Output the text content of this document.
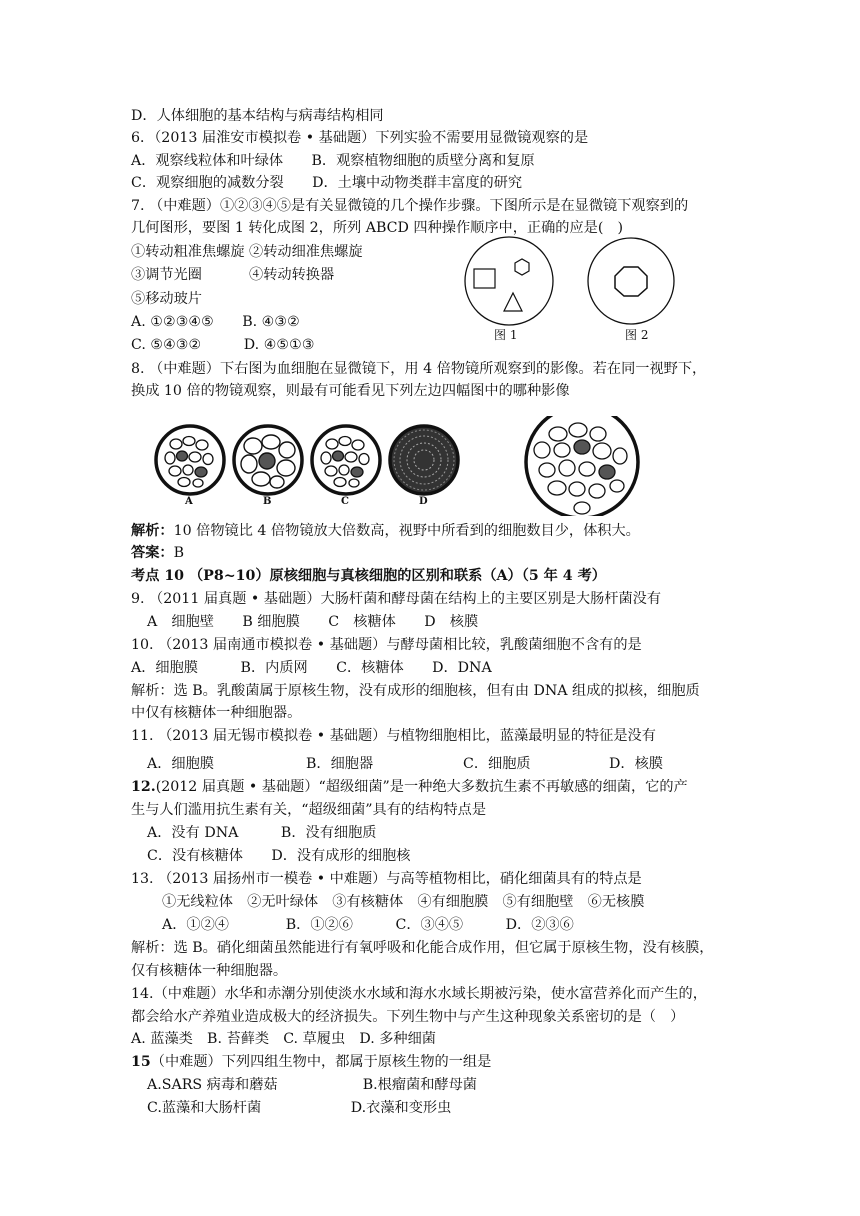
D．人体细胞的基本结构与病毒结构相同
6．（2013 届淮安市模拟卷 • 基础题）下列实验不需要用显微镜观察的是
A．观察线粒体和叶绿体　　B．观察植物细胞的质壁分离和复原
C．观察细胞的减数分裂　　D．土壤中动物类群丰富度的研究
7. （中难题）①②③④⑤是有关显微镜的几个操作步骤。下图所示是在显微镜下观察到的
几何图形，要图 1 转化成图 2，所列 ABCD 四种操作顺序中，正确的应是(　)
①转动粗准焦螺旋 ②转动细准焦螺旋
③调节光圈　　　 ④转动转换器
⑤移动玻片
A. ①②③④⑤　　B. ④③②
C. ⑤④③②　　　D. ④⑤①③
图 1	图 2
8. （中难题）下右图为血细胞在显微镜下，用 4 倍物镜所观察到的影像。若在同一视野下，
换成 10 倍的物镜观察，则最有可能看见下列左边四幅图中的哪种影像
A	B	C	D
解析：10 倍物镜比 4 倍物镜放大倍数高，视野中所看到的细胞数目少，体积大。
答案：B
考点 10 （P8~10）原核细胞与真核细胞的区别和联系（A）（5 年 4 考）
9. （2011 届真题 • 基础题）大肠杆菌和酵母菌在结构上的主要区别是大肠杆菌没有
A　细胞壁　　B 细胞膜　　C　核糖体　　D　核膜
10. （2013 届南通市模拟卷 • 基础题）与酵母菌相比较，乳酸菌细胞不含有的是
A．细胞膜　　　B．内质网　　C．核糖体　　D．DNA
解析：选 B。乳酸菌属于原核生物，没有成形的细胞核，但有由 DNA 组成的拟核，细胞质
中仅有核糖体一种细胞器。
11. （2013 届无锡市模拟卷 • 基础题）与植物细胞相比，蓝藻最明显的特征是没有
A．细胞膜	B．细胞器	C．细胞质	D．核膜
12.(2012 届真题 • 基础题）“超级细菌”是一种绝大多数抗生素不再敏感的细菌，它的产
生与人们滥用抗生素有关，“超级细菌”具有的结构特点是
A．没有 DNA　　　B．没有细胞质
C．没有核糖体　　D．没有成形的细胞核
13. （2013 届扬州市一模卷 • 中难题）与高等植物相比，硝化细菌具有的特点是
①无线粒体　②无叶绿体　③有核糖体　④有细胞膜　⑤有细胞壁　⑥无核膜
A．①②④　　　　B．①②⑥　　　C．③④⑤　　　D．②③⑥
解析：选 B。硝化细菌虽然能进行有氧呼吸和化能合成作用，但它属于原核生物，没有核膜，
仅有核糖体一种细胞器。
14.（中难题）水华和赤潮分别使淡水水域和海水水域长期被污染，使水富营养化而产生的，
都会给水产养殖业造成极大的经济损失。下列生物中与产生这种现象关系密切的是（　）
A. 蓝藻类　B. 苔藓类　C. 草履虫　D. 多种细菌
15（中难题）下列四组生物中，都属于原核生物的一组是
A.SARS 病毒和蘑菇　　　　　　B.根瘤菌和酵母菌
C.蓝藻和大肠杆菌　　　　　　 D.衣藻和变形虫
